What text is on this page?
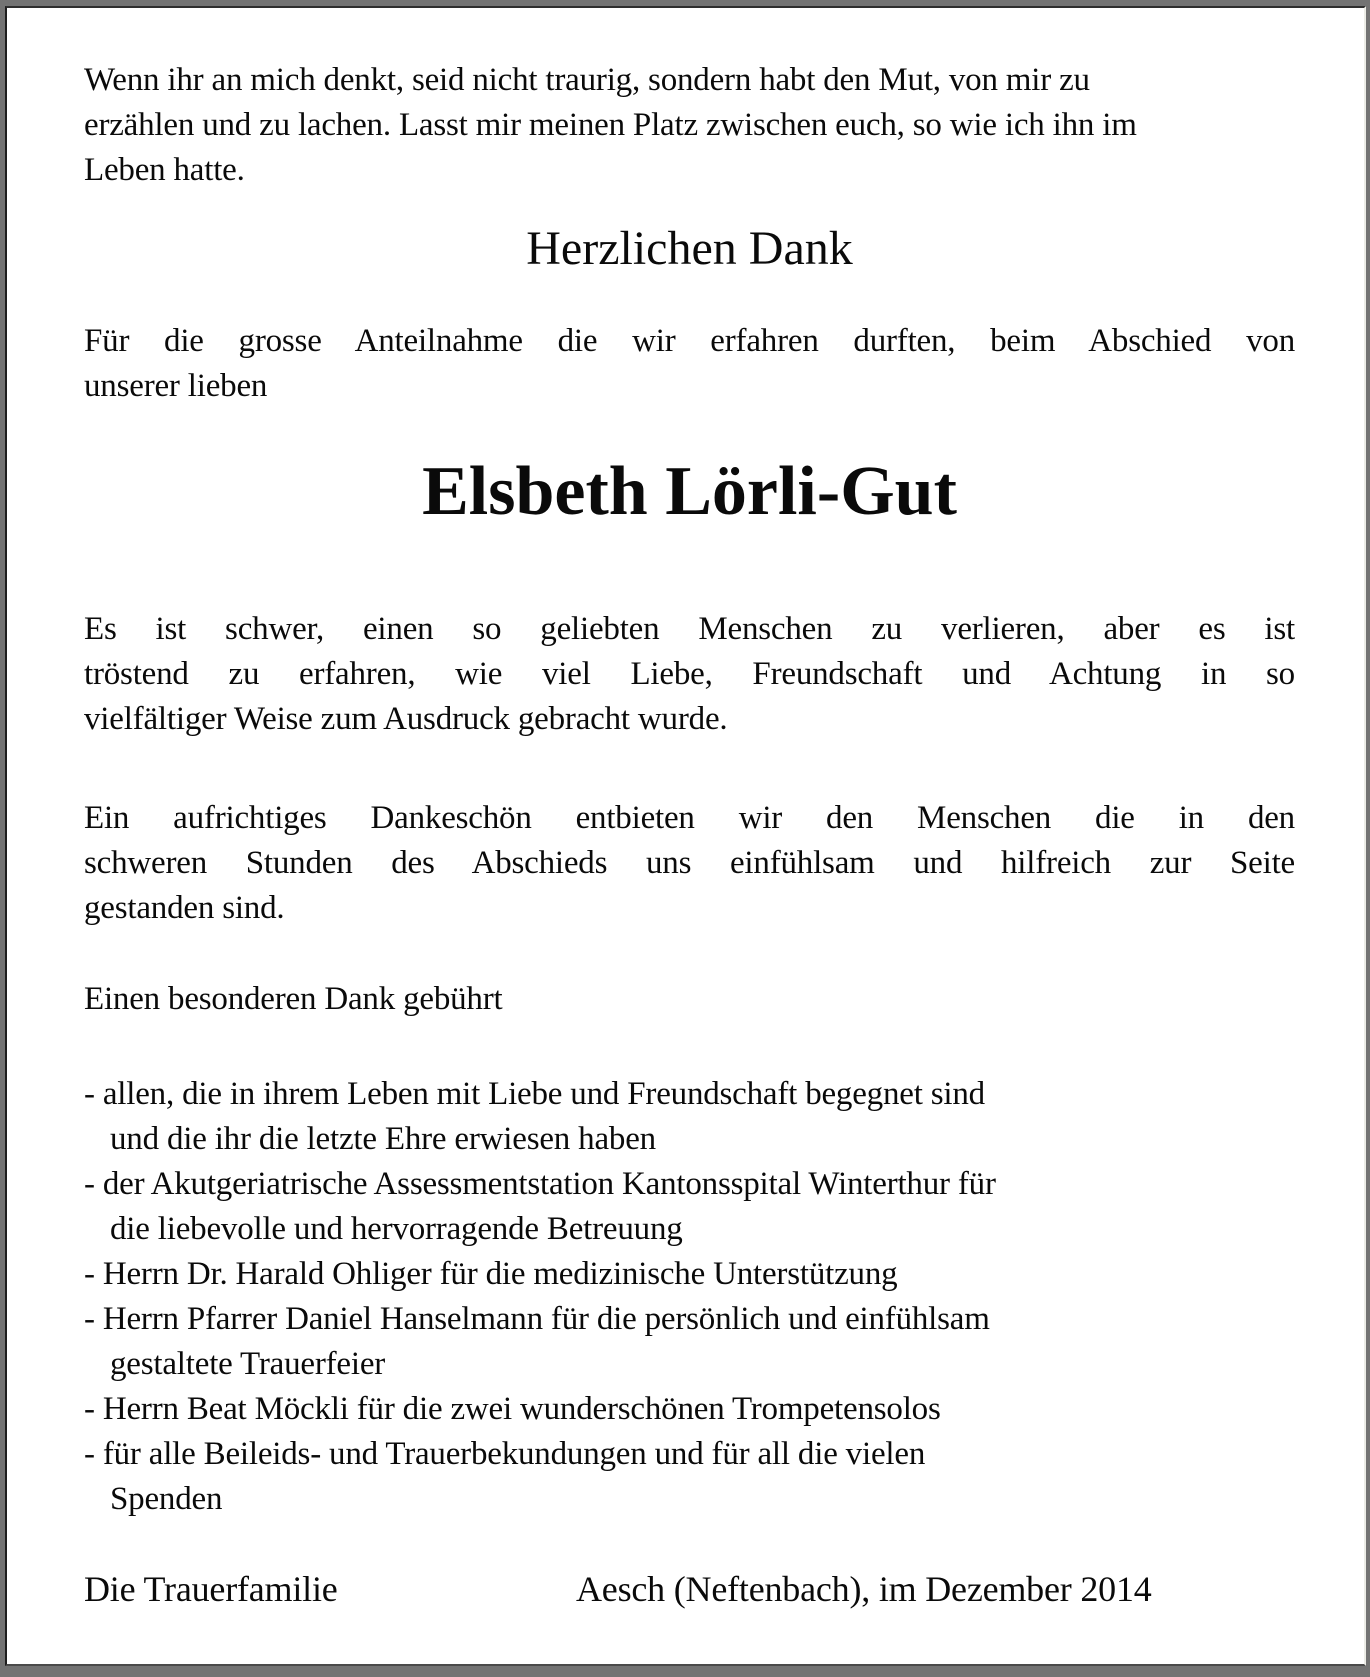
Wenn ihr an mich denkt, seid nicht traurig, sondern habt den Mut, von mir zu
erzählen und zu lachen. Lasst mir meinen Platz zwischen euch, so wie ich ihn im
Leben hatte.
Herzlichen Dank
Für die grosse Anteilnahme die wir erfahren durften, beim Abschied von
unserer lieben
Elsbeth Lörli-Gut
Es ist schwer, einen so geliebten Menschen zu verlieren, aber es ist
tröstend zu erfahren, wie viel Liebe, Freundschaft und Achtung in so
vielfältiger Weise zum Ausdruck gebracht wurde.
Ein aufrichtiges Dankeschön entbieten wir den Menschen die in den
schweren Stunden des Abschieds uns einfühlsam und hilfreich zur Seite
gestanden sind.
Einen besonderen Dank gebührt
- allen, die in ihrem Leben mit Liebe und Freundschaft begegnet sind
und die ihr die letzte Ehre erwiesen haben
- der Akutgeriatrische Assessmentstation Kantonsspital Winterthur für
die liebevolle und hervorragende Betreuung
- Herrn Dr. Harald Ohliger für die medizinische Unterstützung
- Herrn Pfarrer Daniel Hanselmann für die persönlich und einfühlsam
gestaltete Trauerfeier
- Herrn Beat Möckli für die zwei wunderschönen Trompetensolos
- für alle Beileids- und Trauerbekundungen und für all die vielen
Spenden
Die Trauerfamilie	Aesch (Neftenbach), im Dezember 2014
